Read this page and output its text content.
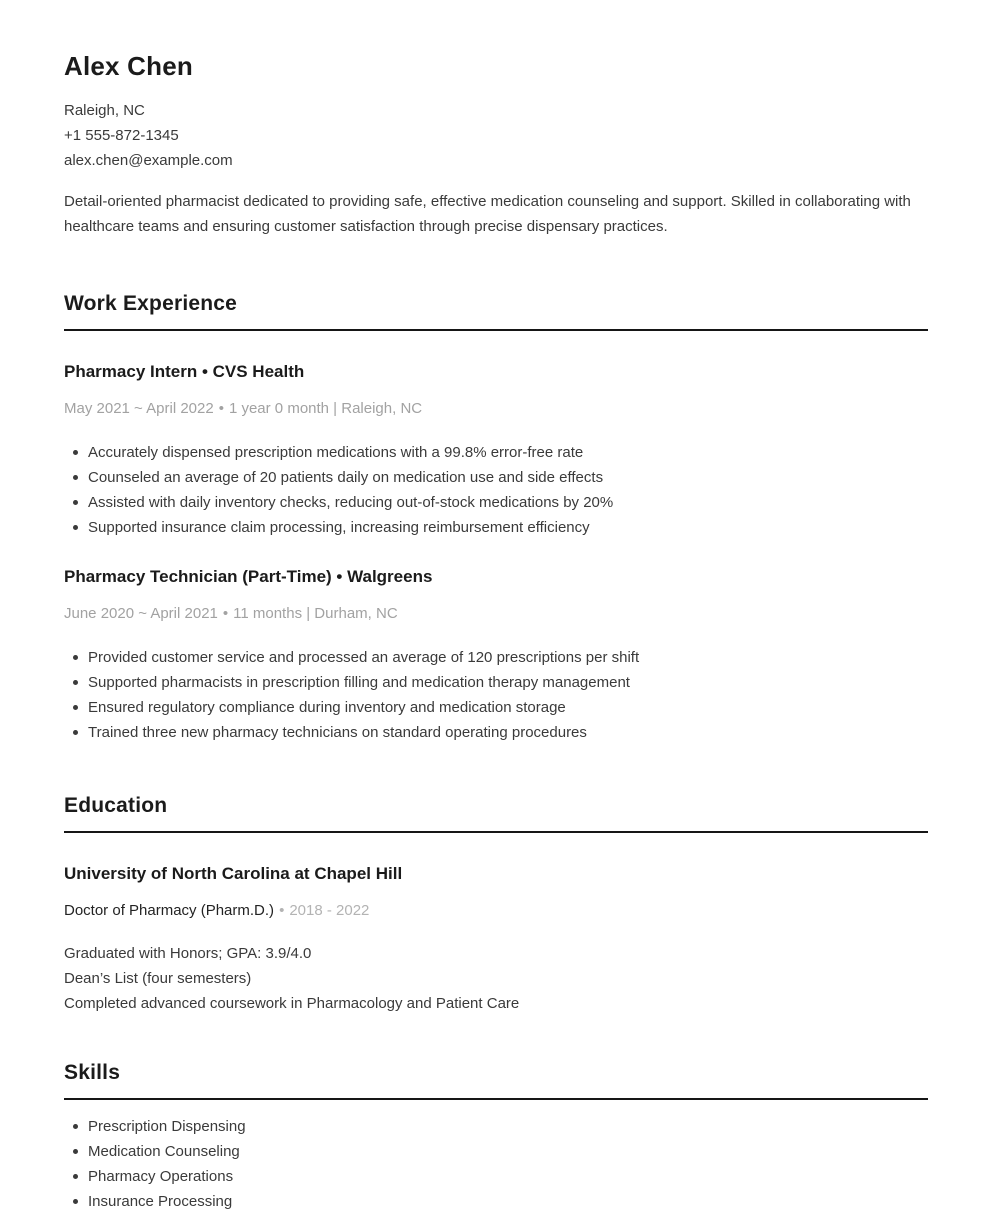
Alex Chen

Raleigh, NC

+1 555-872-1345

alex.chen@example.com

Detail-oriented pharmacist dedicated to providing safe, effective medication counseling and support. Skilled in collaborating with healthcare teams and ensuring customer satisfaction through precise dispensary practices.

Work Experience

Pharmacy Intern • CVS Health

May 2021 ~ April 2022 • 1 year 0 month | Raleigh, NC

Accurately dispensed prescription medications with a 99.8% error-free rate
Counseled an average of 20 patients daily on medication use and side effects
Assisted with daily inventory checks, reducing out-of-stock medications by 20%
Supported insurance claim processing, increasing reimbursement efficiency

Pharmacy Technician (Part-Time) • Walgreens

June 2020 ~ April 2021 • 11 months | Durham, NC

Provided customer service and processed an average of 120 prescriptions per shift
Supported pharmacists in prescription filling and medication therapy management
Ensured regulatory compliance during inventory and medication storage
Trained three new pharmacy technicians on standard operating procedures
Education

University of North Carolina at Chapel Hill

Doctor of Pharmacy (Pharm.D.) • 2018 - 2022

Graduated with Honors; GPA: 3.9/4.0

Dean’s List (four semesters)

Completed advanced coursework in Pharmacology and Patient Care

Skills
Prescription Dispensing
Medication Counseling
Pharmacy Operations
Insurance Processing
